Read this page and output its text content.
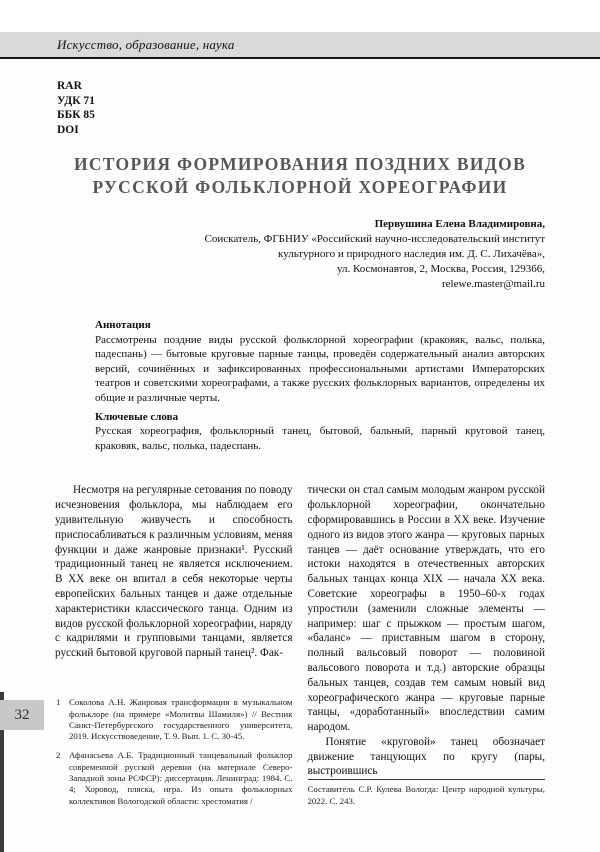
Искусство, образование, наука
RAR
УДК 71
ББК 85
DOI
ИСТОРИЯ ФОРМИРОВАНИЯ ПОЗДНИХ ВИДОВ
РУССКОЙ ФОЛЬКЛОРНОЙ ХОРЕОГРАФИИ
Первушина Елена Владимировна,
Соискатель, ФГБНИУ «Российский научно-исследовательский институт
культурного и природного наследия им. Д. С. Лихачёва»,
ул. Космонавтов, 2, Москва, Россия, 129366,
relewe.master@mail.ru
Аннотация
Рассмотрены поздние виды русской фольклорной хореографии (краковяк, вальс, полька, падеспань) — бытовые круговые парные танцы, проведён содержательный анализ авторских версий, сочинённых и зафиксированных профессиональными артистами Императорских театров и советскими хореографами, а также русских фольклорных вариантов, определены их общие и различные черты.
Ключевые слова
Русская хореография, фольклорный танец, бытовой, бальный, парный круговой танец, краковяк, вальс, полька, падеспань.

Несмотря на регулярные сетования по поводу исчезновения фольклора, мы наблюдаем его удивительную живучесть и способность приспосабливаться к различным условиям, меняя функции и даже жанровые признаки¹. Русский традиционный танец не является исключением. В XX веке он впитал в себя некоторые черты европейских бальных танцев и даже отдельные характеристики классического танца. Одним из видов русской фольклорной хореографии, наряду с кадрилями и групповыми танцами, является русский бытовой круговой парный танец². Фак-

1 Соколова А.Н. Жанровая трансформация в музыкальном фольклоре (на примере «Молитвы Шамиля») // Вестник Санкт-Петербургского государственного университета, 2019. Искусствоведение, Т. 9. Вып. 1. С. 30-45.
2 Афанасьева А.Б. Традиционный танцевальный фольклор современной русской деревни (на материале Северо-Западной зоны РСФСР): диссертация. Ленинград: 1984. С. 4; Хоровод, пляска, игра. Из опыта фольклорных коллективов Вологодской области: хрестоматия /

тически он стал самым молодым жанром русской фольклорной хореографии, окончательно сформировавшись в России в XX веке. Изучение одного из видов этого жанра — круговых парных танцев — даёт основание утверждать, что его истоки находятся в отечественных авторских бальных танцах конца XIX — начала XX века. Советские хореографы в 1950–60-х годах упростили (заменили сложные элементы — например: шаг с прыжком — простым шагом, «баланс» — приставным шагом в сторону, полный вальсовый поворот — половиной вальсового поворота и т.д.) авторские образцы бальных танцев, создав тем самым новый вид хореографического жанра — круговые парные танцы, «доработанный» впоследствии самим народом.

Понятие «круговой» танец обозначает движение танцующих по кругу (пары, выстроившись

Составитель С.Р. Кулева Вологда: Центр народной культуры, 2022. С. 243.
32
